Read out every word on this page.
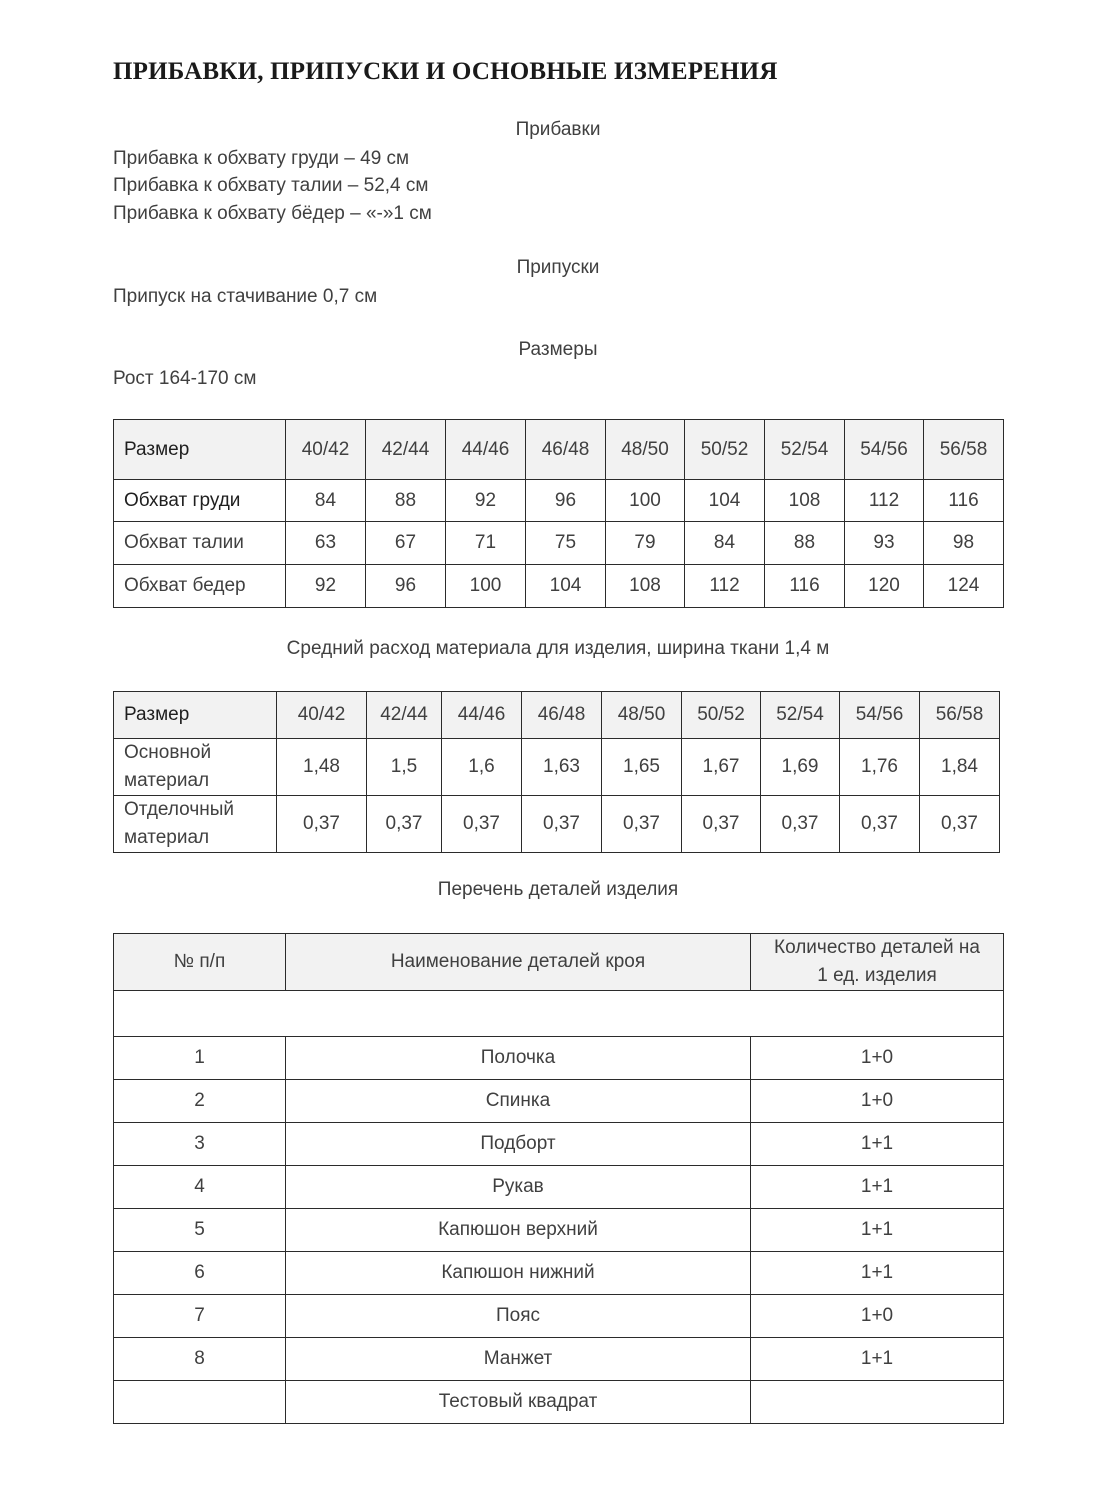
ПРИБАВКИ, ПРИПУСКИ И ОСНОВНЫЕ ИЗМЕРЕНИЯ
Прибавки

Прибавка к обхвату груди – 49 см

Прибавка к обхвату талии – 52,4 см

Прибавка к обхвату бёдер – «-»1 см

Припуски

Припуск на стачивание 0,7 см

Размеры

Рост 164-170 см

Размер	40/42	42/44	44/46	46/48	48/50	50/52	52/54	54/56	56/58
Обхват груди	84	88	92	96	100	104	108	112	116
Обхват талии	63	67	71	75	79	84	88	93	98
Обхват бедер	92	96	100	104	108	112	116	120	124
Средний расход материала для изделия, ширина ткани 1,4 м
Размер	40/42	42/44	44/46	46/48	48/50	50/52	52/54	54/56	56/58
Основной
материал	1,48	1,5	1,6	1,63	1,65	1,67	1,69	1,76	1,84
Отделочный
материал	0,37	0,37	0,37	0,37	0,37	0,37	0,37	0,37	0,37
Перечень деталей изделия
№ п/п	Наименование деталей кроя	Количество деталей на
1 ед. изделия

1	Полочка	1+0
2	Спинка	1+0
3	Подборт	1+1
4	Рукав	1+1
5	Капюшон верхний	1+1
6	Капюшон нижний	1+1
7	Пояс	1+0
8	Манжет	1+1
	Тестовый квадрат	
